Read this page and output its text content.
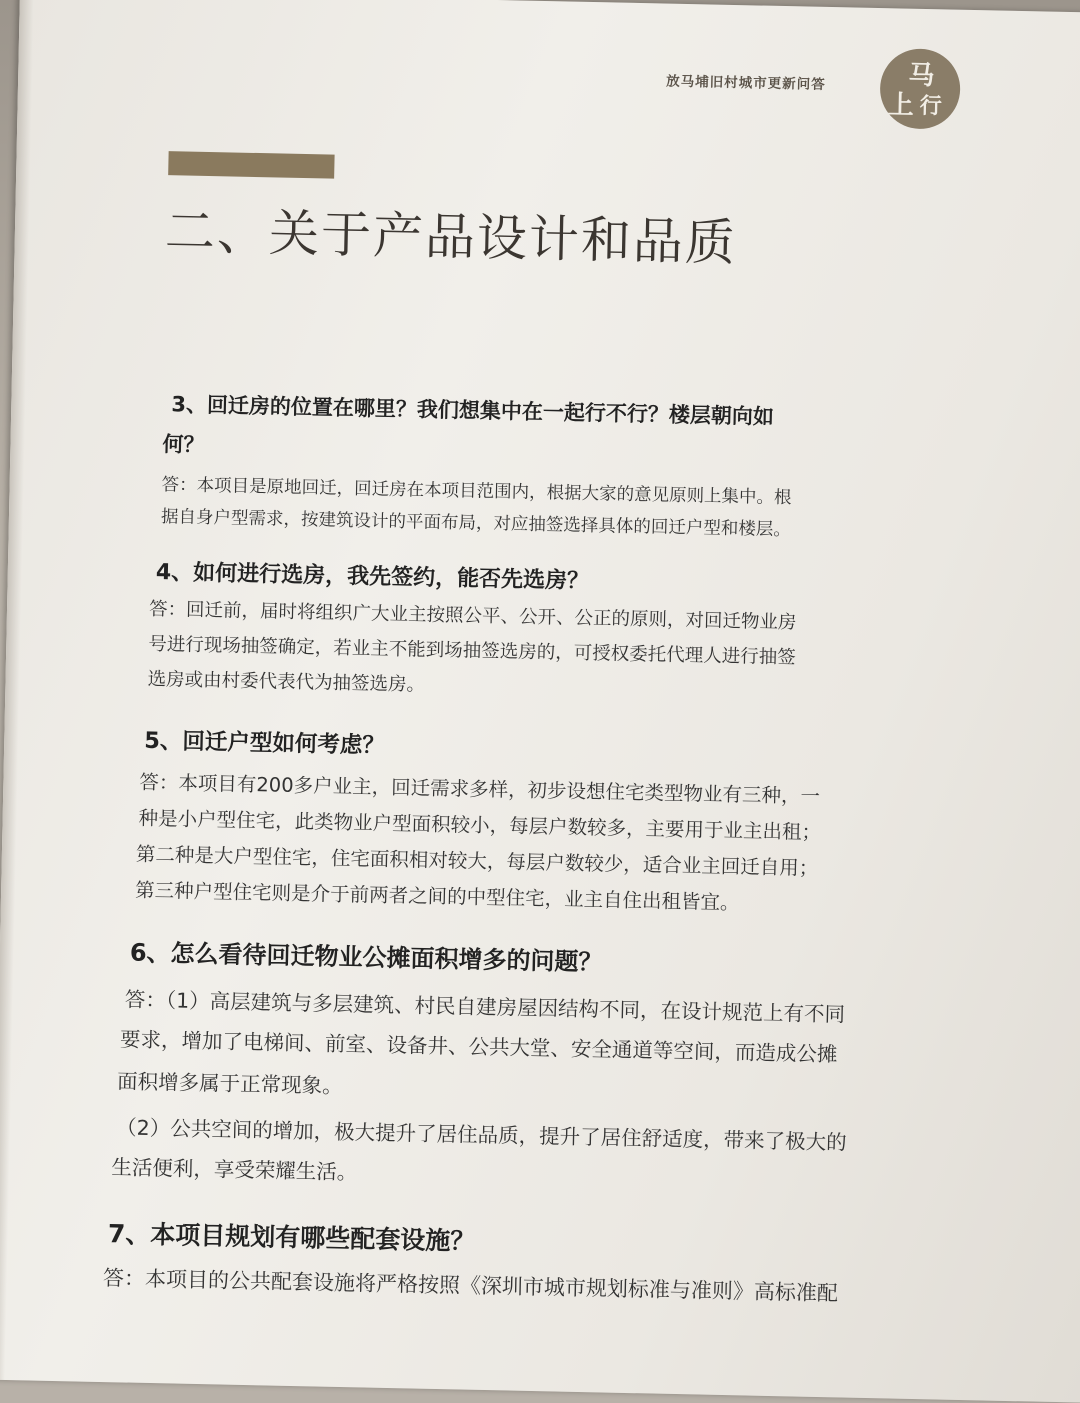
放马埔旧村城市更新问答	马
上 行
二、关于产品设计和品质
3、回迁房的位置在哪里？我们想集中在一起行不行？楼层朝向如
何？
答：本项目是原地回迁，回迁房在本项目范围内，根据大家的意见原则上集中。根
据自身户型需求，按建筑设计的平面布局，对应抽签选择具体的回迁户型和楼层。
4、如何进行选房，我先签约，能否先选房？
答：回迁前，届时将组织广大业主按照公平、公开、公正的原则，对回迁物业房
号进行现场抽签确定，若业主不能到场抽签选房的，可授权委托代理人进行抽签
选房或由村委代表代为抽签选房。
5、回迁户型如何考虑？
答：本项目有200多户业主，回迁需求多样，初步设想住宅类型物业有三种，一
种是小户型住宅，此类物业户型面积较小，每层户数较多，主要用于业主出租；
第二种是大户型住宅，住宅面积相对较大，每层户数较少，适合业主回迁自用；
第三种户型住宅则是介于前两者之间的中型住宅，业主自住出租皆宜。
6、怎么看待回迁物业公摊面积增多的问题？
答：（1）高层建筑与多层建筑、村民自建房屋因结构不同，在设计规范上有不同
要求，增加了电梯间、前室、设备井、公共大堂、安全通道等空间，而造成公摊
面积增多属于正常现象。
（2）公共空间的增加，极大提升了居住品质，提升了居住舒适度，带来了极大的
生活便利，享受荣耀生活。
7、本项目规划有哪些配套设施？
答：本项目的公共配套设施将严格按照《深圳市城市规划标准与准则》高标准配
